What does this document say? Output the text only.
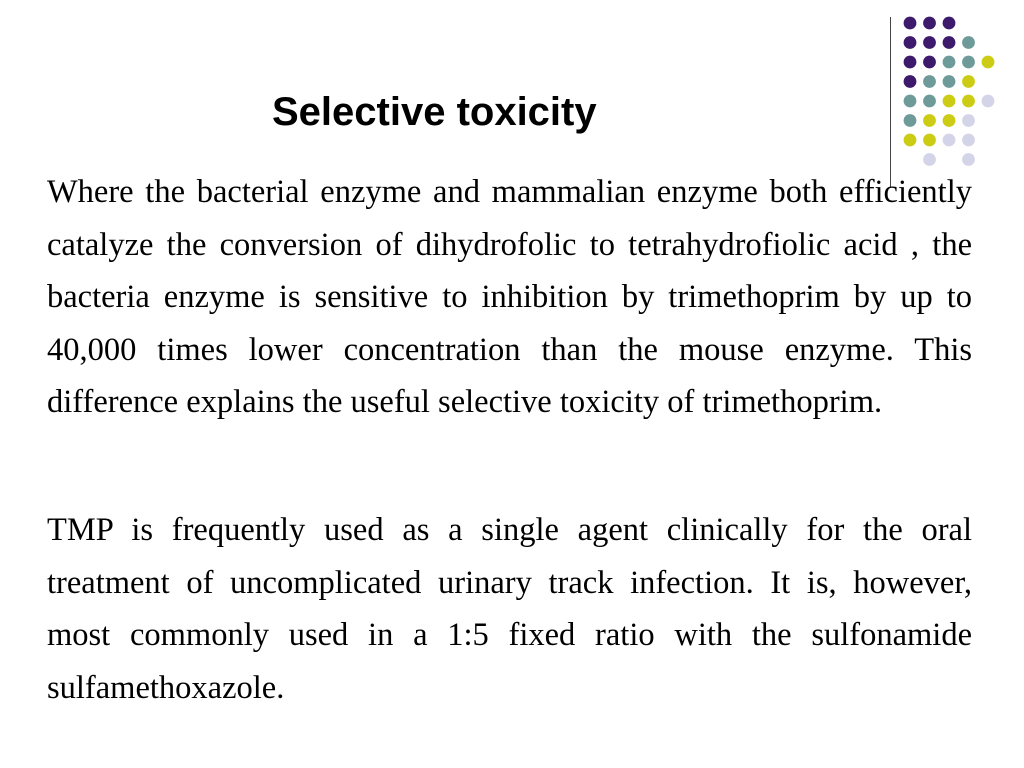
Selective toxicity

Where the bacterial enzyme and mammalian enzyme both efficiently catalyze the conversion of dihydrofolic to tetrahydrofiolic acid , the bacteria enzyme is sensitive to inhibition by trimethoprim by up to 40,000 times lower concentration than the mouse enzyme. This difference explains the useful selective toxicity of trimethoprim.

TMP is frequently used as a single agent clinically for the oral treatment of uncomplicated urinary track infection. It is, however, most commonly used in a 1:5 fixed ratio with the sulfonamide sulfamethoxazole.
